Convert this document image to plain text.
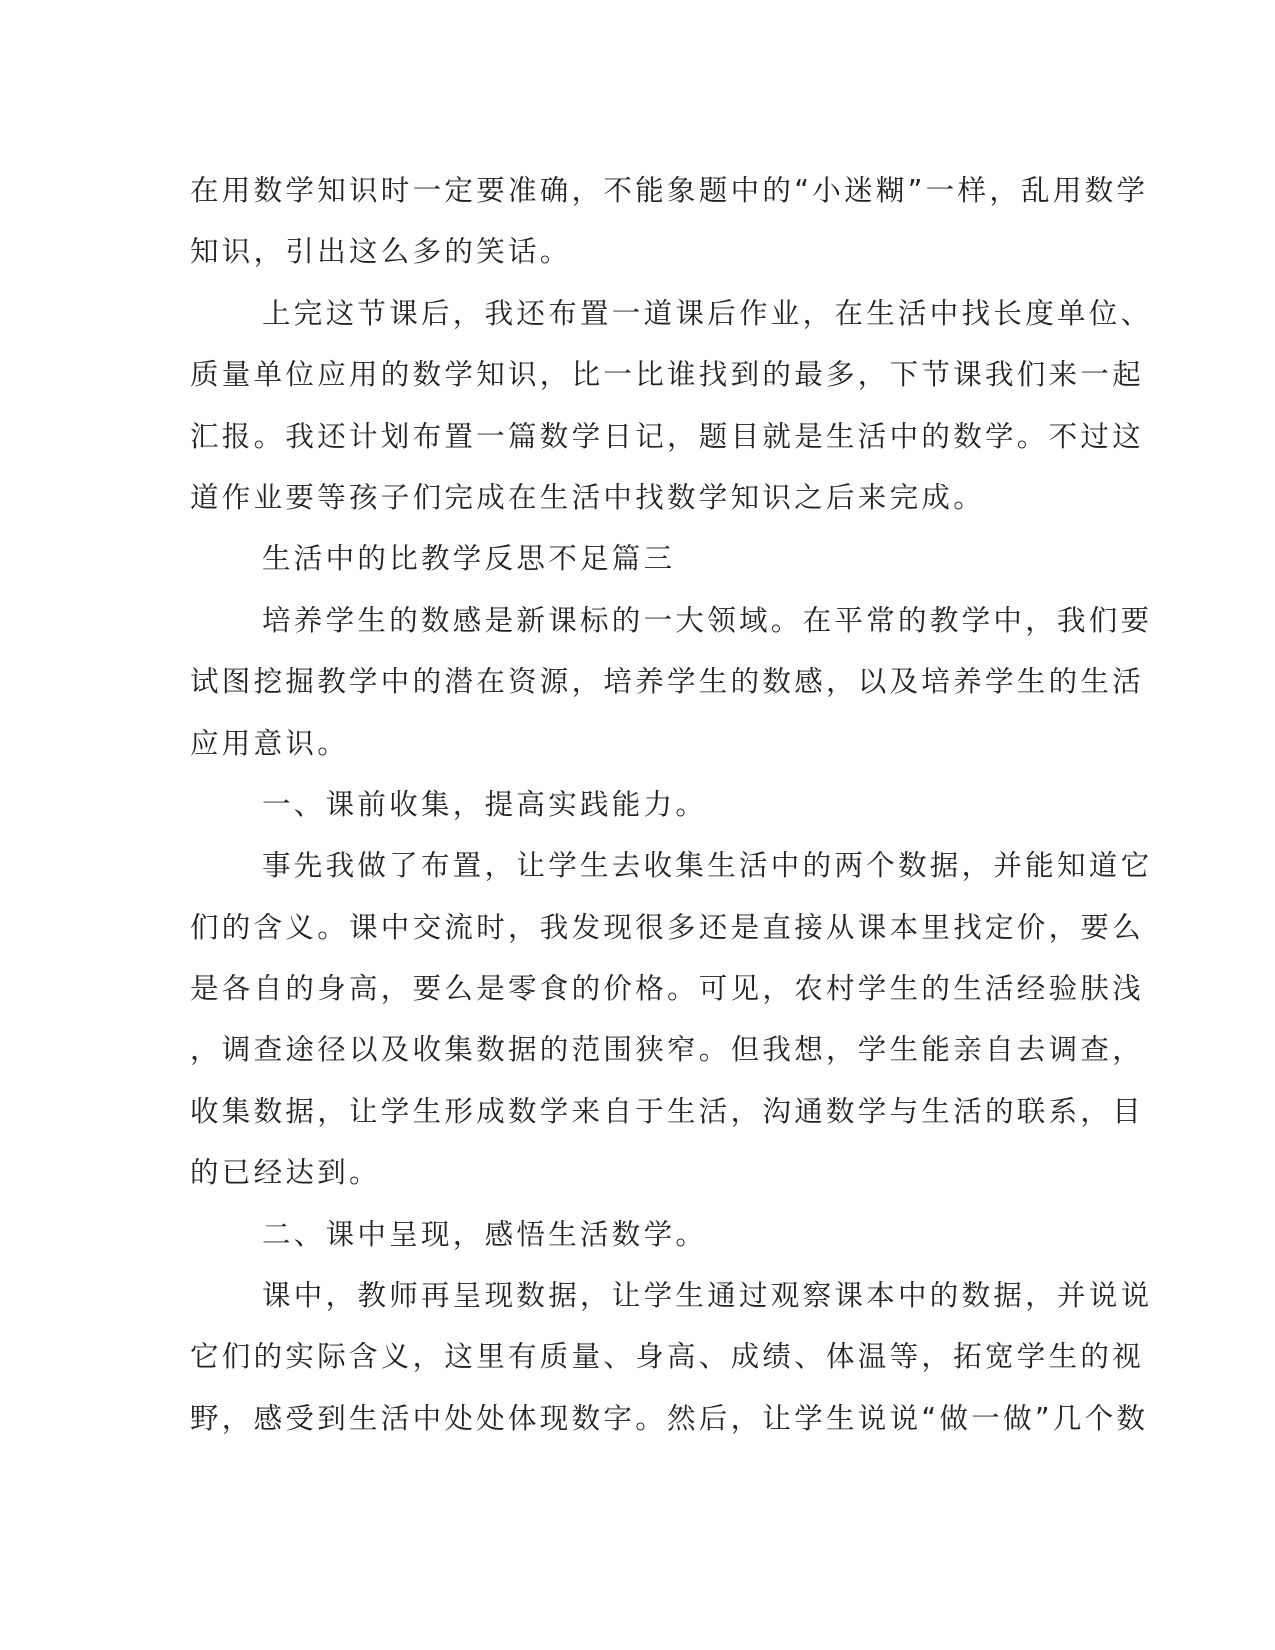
在用数学知识时一定要准确，不能象题中的“小迷糊”一样，乱用数学
知识，引出这么多的笑话。
上完这节课后，我还布置一道课后作业，在生活中找长度单位、
质量单位应用的数学知识，比一比谁找到的最多，下节课我们来一起
汇报。我还计划布置一篇数学日记，题目就是生活中的数学。不过这
道作业要等孩子们完成在生活中找数学知识之后来完成。
生活中的比教学反思不足篇三
培养学生的数感是新课标的一大领域。在平常的教学中，我们要
试图挖掘教学中的潜在资源，培养学生的数感，以及培养学生的生活
应用意识。
一、课前收集，提高实践能力。
事先我做了布置，让学生去收集生活中的两个数据，并能知道它
们的含义。课中交流时，我发现很多还是直接从课本里找定价，要么
是各自的身高，要么是零食的价格。可见，农村学生的生活经验肤浅
，调查途径以及收集数据的范围狭窄。但我想，学生能亲自去调查，
收集数据，让学生形成数学来自于生活，沟通数学与生活的联系，目
的已经达到。
二、课中呈现，感悟生活数学。
课中，教师再呈现数据，让学生通过观察课本中的数据，并说说
它们的实际含义，这里有质量、身高、成绩、体温等，拓宽学生的视
野，感受到生活中处处体现数字。然后，让学生说说“做一做”几个数
